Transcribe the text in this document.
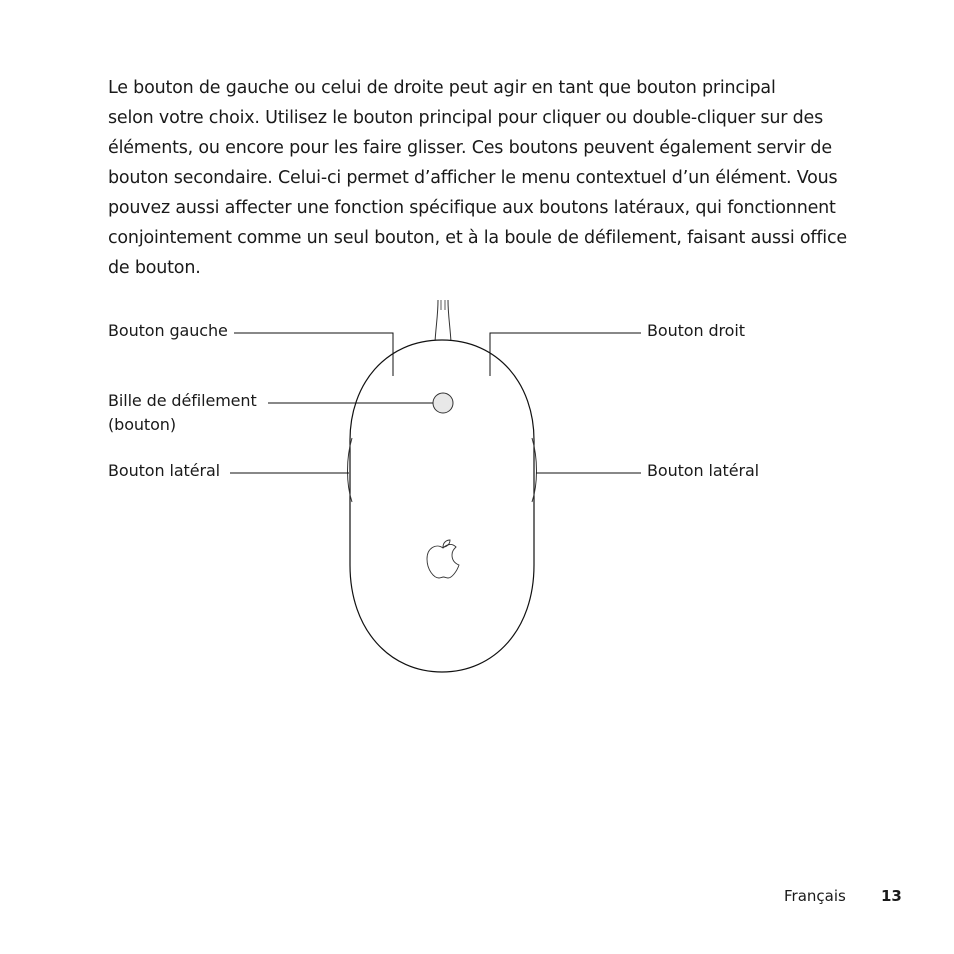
Le bouton de gauche ou celui de droite peut agir en tant que bouton principal
selon votre choix. Utilisez le bouton principal pour cliquer ou double-cliquer sur des
éléments, ou encore pour les faire glisser. Ces boutons peuvent également servir de
bouton secondaire. Celui-ci permet d’afficher le menu contextuel d’un élément. Vous
pouvez aussi affecter une fonction spécifique aux boutons latéraux, qui fonctionnent
conjointement comme un seul bouton, et à la boule de défilement, faisant aussi office
de bouton.

Bouton gauche	Bouton droit
Bille de défilement
(bouton)
Bouton latéral	Bouton latéral
Français 13
